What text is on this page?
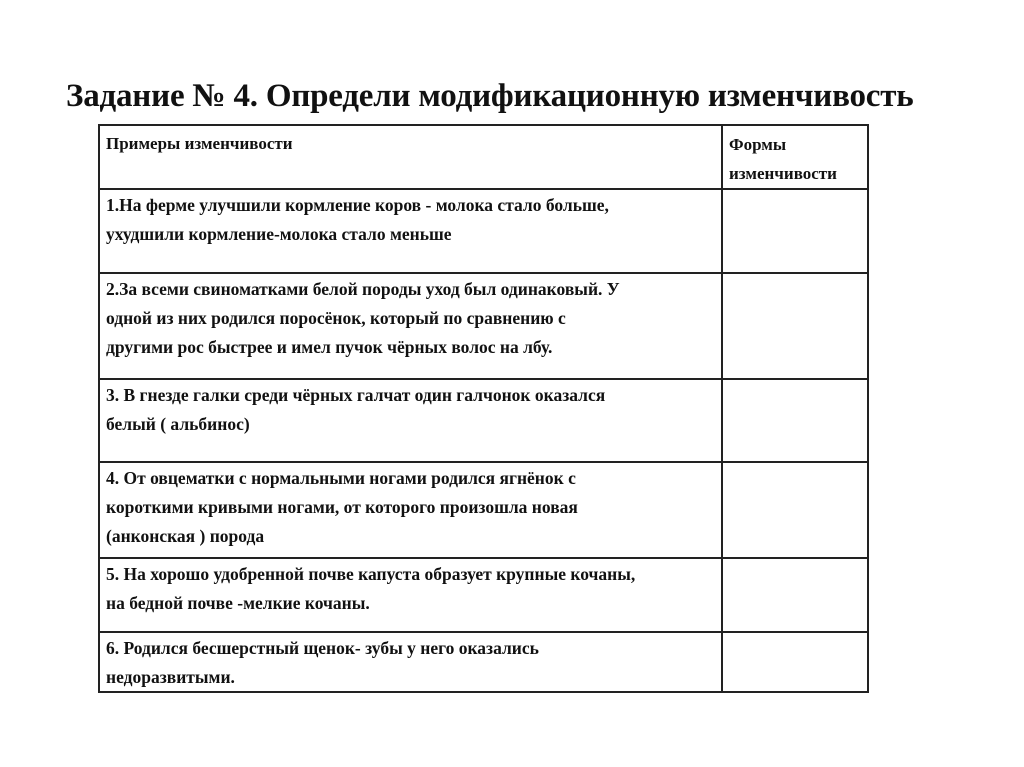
Задание № 4. Определи модификационную изменчивость
Примеры изменчивости	Формы
изменчивости

1.На ферме улучшили кормление коров - молока стало больше,
ухудшили кормление-молока стало меньше	

2.За всеми свиноматками белой породы уход был одинаковый. У
одной из них родился поросёнок, который по сравнению с
другими рос быстрее и имел пучок чёрных волос на лбу.	

3. В гнезде галки среди чёрных галчат один галчонок оказался
белый ( альбинос)	

4. От овцематки с нормальными ногами родился ягнёнок с
короткими кривыми ногами, от которого произошла новая
(анконская ) порода	

5. На хорошо удобренной почве капуста образует крупные кочаны,
на бедной почве -мелкие кочаны.	

6. Родился бесшерстный щенок- зубы у него оказались
недоразвитыми.	
